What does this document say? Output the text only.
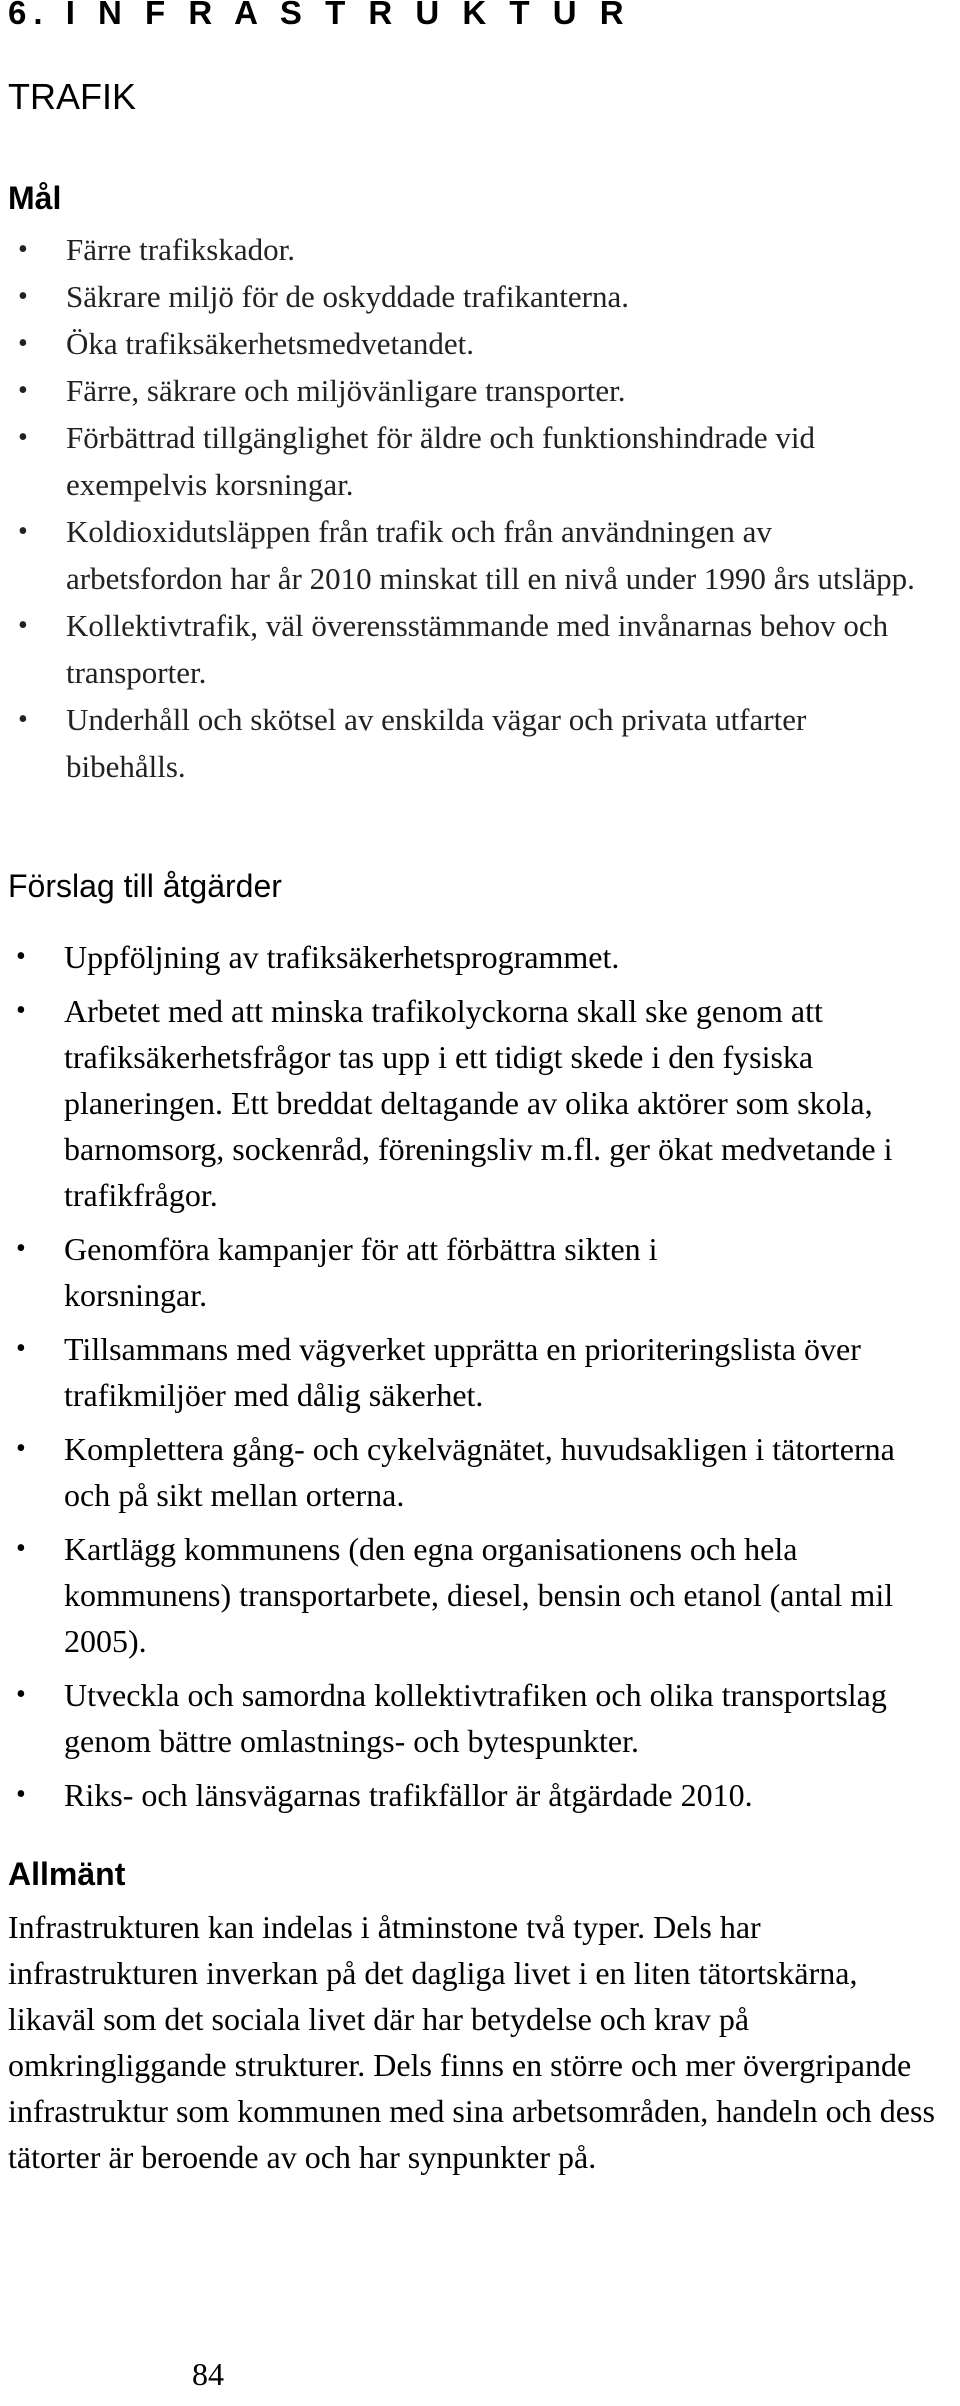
6. I N F R A S T R U K T U R
TRAFIK
Mål
• Färre trafikskador.
• Säkrare miljö för de oskyddade trafikanterna.
• Öka trafiksäkerhetsmedvetandet.
• Färre, säkrare och miljövänligare transporter.
• Förbättrad tillgänglighet för äldre och funktionshindrade vid exempelvis korsningar.
• Koldioxidutsläppen från trafik och från användningen av arbetsfordon har år 2010 minskat till en nivå under 1990 års utsläpp.
• Kollektivtrafik, väl överensstämmande med invånarnas behov och transporter.
• Underhåll och skötsel av enskilda vägar och privata utfarter bibehålls.
Förslag till åtgärder
• Uppföljning av trafiksäkerhetsprogrammet.
• Arbetet med att minska trafikolyckorna skall ske genom att trafiksäkerhetsfrågor tas upp i ett tidigt skede i den fysiska planeringen. Ett breddat deltagande av olika aktörer som skola, barnomsorg, sockenråd, föreningsliv m.fl. ger ökat medvetande i trafikfrågor.
• Genomföra kampanjer för att förbättra sikten i korsningar.
• Tillsammans med vägverket upprätta en prioriteringslista över trafikmiljöer med dålig säkerhet.
• Komplettera gång- och cykelvägnätet, huvudsakligen i tätorterna och på sikt mellan orterna.
• Kartlägg kommunens (den egna organisationens och hela kommunens) transportarbete, diesel, bensin och etanol (antal mil 2005).
• Utveckla och samordna kollektivtrafiken och olika transportslag genom bättre omlastnings- och bytespunkter.
• Riks- och länsvägarnas trafikfällor är åtgärdade 2010.
Allmänt
Infrastrukturen kan indelas i åtminstone två typer. Dels har infrastrukturen inverkan på det dagliga livet i en liten tätortskärna, likaväl som det sociala livet där har betydelse och krav på omkringliggande strukturer. Dels finns en större och mer övergripande infrastruktur som kommunen med sina arbetsområden, handeln och dess tätorter är beroende av och har synpunkter på.
84
